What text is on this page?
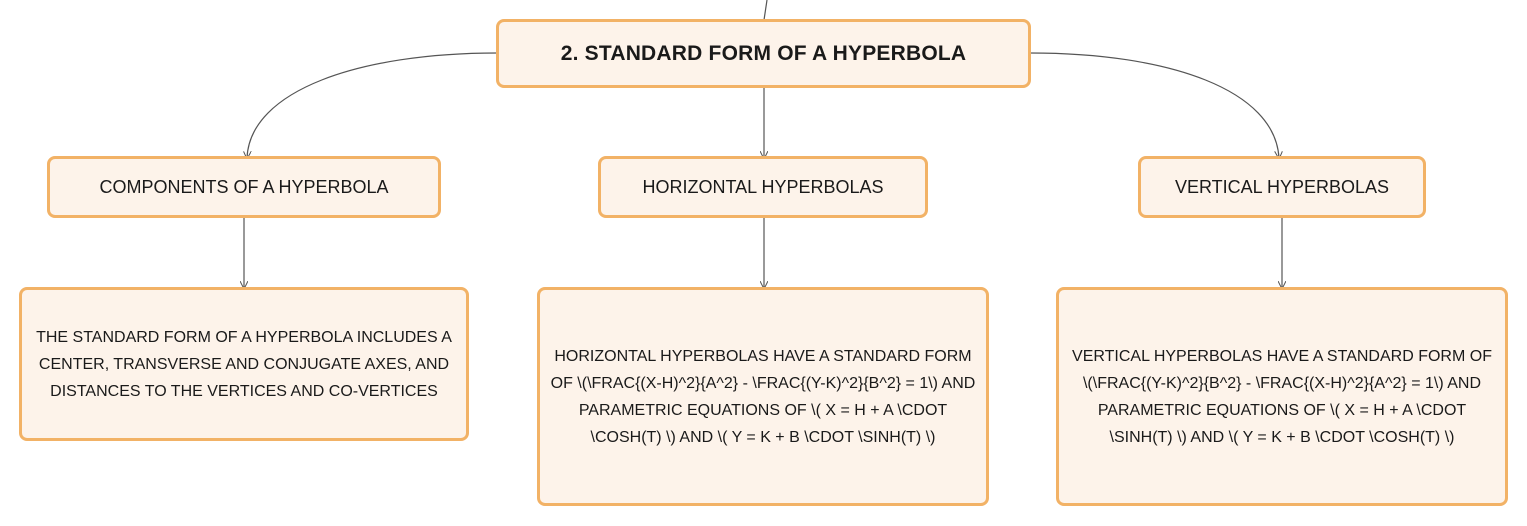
2. STANDARD FORM OF A HYPERBOLA
COMPONENTS OF A HYPERBOLA	HORIZONTAL HYPERBOLAS	VERTICAL HYPERBOLAS
THE STANDARD FORM OF A HYPERBOLA INCLUDES A CENTER, TRANSVERSE AND CONJUGATE AXES, AND DISTANCES TO THE VERTICES AND CO-VERTICES
HORIZONTAL HYPERBOLAS HAVE A STANDARD FORM OF \(\FRAC{(X-H)^2}{A^2} - \FRAC{(Y-K)^2}{B^2} = 1\) AND PARAMETRIC EQUATIONS OF \( X = H + A \CDOT \COSH(T) \) AND \( Y = K + B \CDOT \SINH(T) \)
VERTICAL HYPERBOLAS HAVE A STANDARD FORM OF \(\FRAC{(Y-K)^2}{B^2} - \FRAC{(X-H)^2}{A^2} = 1\) AND PARAMETRIC EQUATIONS OF \( X = H + A \CDOT \SINH(T) \) AND \( Y = K + B \CDOT \COSH(T) \)
